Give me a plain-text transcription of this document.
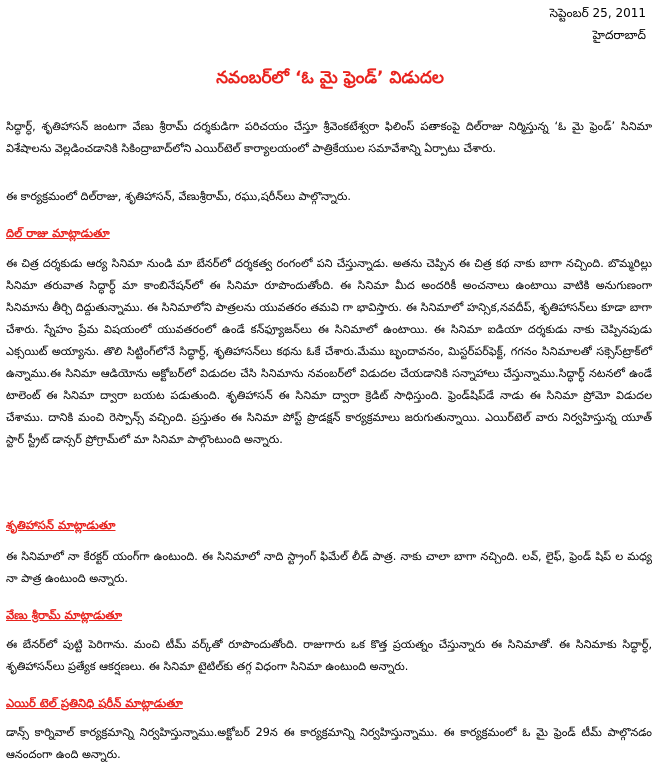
సెప్టెంబర్ 25, 2011
హైదరాబాద్
నవంబర్‌లో ‘ఓ మై ఫ్రెండ్’ విడుదల

సిద్ధార్ధ్, శృతిహాసన్ జంటగా వేణు శ్రీరామ్ దర్శకుడిగా పరిచయం చేస్తూ శ్రీవెంకటేశ్వరా ఫిలింస్ పతాకంపై దిల్‌రాజు నిర్మిస్తున్న ‘ఓ మై ఫ్రెండ్’ సినిమా విశేషాలను వెల్లడించడానికి సికింద్రాబాద్‌లోని ఎయిర్‌టెల్ కార్యాలయంలో పాత్రికేయుల సమావేశాన్ని ఏర్పాటు చేశారు.

ఈ కార్యక్రమంలో దిల్‌రాజు, శృతిహాసన్, వేణుశ్రీరామ్, రఘు,షరీన్‌లు పాల్గొన్నారు.

దిల్ రాజు మాట్లాడుతూ

ఈ చిత్ర దర్శకుడు ఆర్య సినిమా నుండి మా బేనర్‌లో దర్శకత్వ రంగంలో పని చేస్తున్నాడు. అతను చెప్పిన ఈ చిత్ర కథ నాకు బాగా నచ్చింది. బొమ్మరిల్లు సినిమా తరువాత సిద్ధార్ధ్ మా కాంబినేషన్‌లో ఈ సినిమా రూపొందుతోంది. ఈ సినిమా మీద అందరికీ అంచనాలు ఉంటాయి వాటికి అనుగుణంగా సినిమాను తీర్చి దిద్దుతున్నాము. ఈ సినిమాలోని పాత్రలను యువతరం తమవి గా భావిస్తారు. ఈ సినిమాలో హన్సిక,నవదీప్, శృతిహాసన్‌లు కూడా బాగా చేశారు. స్నేహం ప్రేమ విషయంలో యువతరంలో ఉండే కన్‌ఫ్యూజన్‌లు ఈ సినిమాలో ఉంటాయి. ఈ సినిమా ఐడియా దర్శకుడు నాకు చెప్పినపుడు ఎక్సయిట్ అయ్యాను. తొలి సిట్టింగ్‌లోనే సిద్ధార్ధ్, శృతిహాసన్‌లు కథను ఓకే చేశారు.మేము బృందావనం, మిస్టర్‌పర్‌ఫెక్ట్, గగనం సినిమాలతో సక్సెస్‌ట్రాక్‌లో ఉన్నాము.ఈ సినిమా ఆడియోను అక్టోబర్‌లో విడుదల చేసి సినిమాను నవంబర్‌లో విడుదల చేయడానికి సన్నాహాలు చేస్తున్నాము.సిద్ధార్ధ్ నటనలో ఉండే టాలెంట్ ఈ సినిమా ద్వారా బయట పడుతుంది. శృతిహాసన్ ఈ సినిమా ద్వారా క్రెడిట్ సాధిస్తుంది. ఫ్రెండ్‌షిప్‌డే నాడు ఈ సినిమా ప్రోమో విడుదల చేశాము. దానికి మంచి రెస్పాన్స్ వచ్చింది. ప్రస్తుతం ఈ సినిమా పోస్ట్ ప్రొడక్షన్ కార్యక్రమాలు జరుగుతున్నాయి. ఎయిర్‌టెల్ వారు నిర్వహిస్తున్న యూత్ స్టార్ స్ట్రీట్ డాన్సర్ ప్రోగ్రామ్‌లో మా సినిమా పాల్గొంటుంది అన్నారు.

శృతిహాసన్ మాట్లాడుతూ

ఈ సినిమాలో నా కేరక్టర్ యంగ్‌గా ఉంటుంది. ఈ సినిమాలో నాది స్ట్రాంగ్ ఫిమేల్ లీడ్ పాత్ర. నాకు చాలా బాగా నచ్చింది. లవ్, లైఫ్, ఫ్రెండ్ షిప్ ల మధ్య నా పాత్ర ఉంటుంది అన్నారు.

వేణు శ్రీరామ్ మాట్లాడుతూ

ఈ బేనర్‌లో పుట్టి పెరిగాను. మంచి టీమ్ వర్క్‌తో రూపొందుతోంది. రాజుగారు ఒక కొత్త ప్రయత్నం చేస్తున్నారు ఈ సినిమాతో. ఈ సినిమాకు సిద్ధార్ధ్, శృతిహాసన్‌లు ప్రత్యేక ఆకర్షణలు. ఈ సినిమా టైటిల్‌కు తగ్గ విధంగా సినిమా ఉంటుంది అన్నారు.

ఎయిర్ టెల్ ప్రతినిధి షరీన్ మాట్లాడుతూ

డాన్స్ కార్నివాల్ కార్యక్రమాన్ని నిర్వహిస్తున్నాము.అక్టోబర్ 29న ఈ కార్యక్రమాన్ని నిర్వహిస్తున్నాము. ఈ కార్యక్రమంలో ఓ మై ఫ్రెండ్ టీమ్ పాల్గొనడం ఆనందంగా ఉంది అన్నారు.
